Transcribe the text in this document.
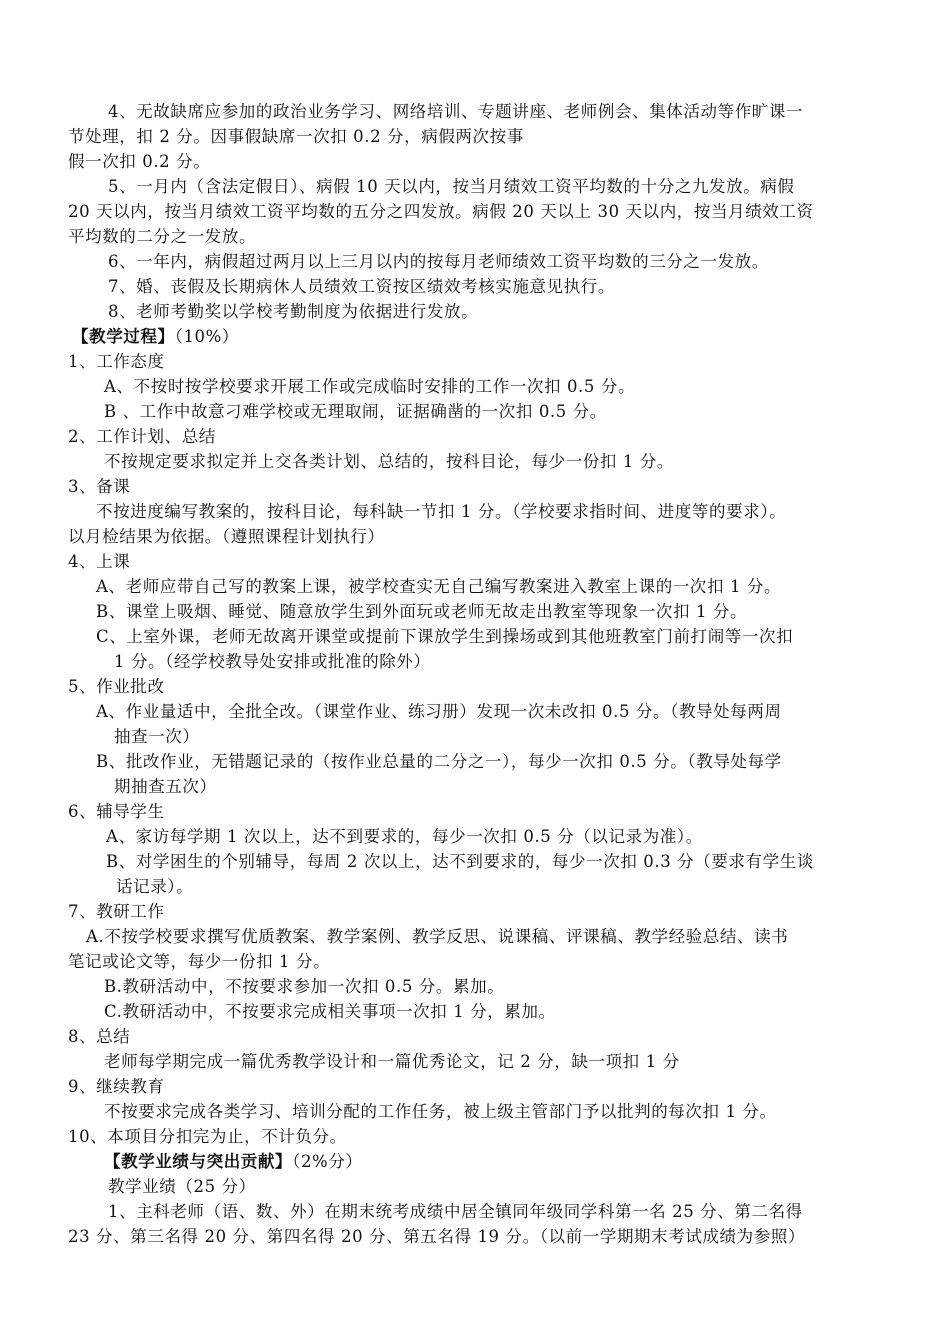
4、无故缺席应参加的政治业务学习、网络培训、专题讲座、老师例会、集体活动等作旷课一
节处理，扣 2 分。因事假缺席一次扣 0.2 分，病假两次按事
假一次扣 0.2 分。
5、一月内（含法定假日）、病假 10 天以内，按当月绩效工资平均数的十分之九发放。病假
20 天以内，按当月绩效工资平均数的五分之四发放。病假 20 天以上 30 天以内，按当月绩效工资
平均数的二分之一发放。
6、一年内，病假超过两月以上三月以内的按每月老师绩效工资平均数的三分之一发放。
7、婚、丧假及长期病休人员绩效工资按区绩效考核实施意见执行。
8、老师考勤奖以学校考勤制度为依据进行发放。
【教学过程】（10%）
1、工作态度
A、不按时按学校要求开展工作或完成临时安排的工作一次扣 0.5 分。
B 、工作中故意刁难学校或无理取闹，证据确凿的一次扣 0.5 分。
2、工作计划、总结
不按规定要求拟定并上交各类计划、总结的，按科目论，每少一份扣 1 分。
3、备课
不按进度编写教案的，按科目论，每科缺一节扣 1 分。（学校要求指时间、进度等的要求）。
以月检结果为依据。（遵照课程计划执行）
4、上课
A、老师应带自己写的教案上课，被学校查实无自己编写教案进入教室上课的一次扣 1 分。
B、课堂上吸烟、睡觉、随意放学生到外面玩或老师无故走出教室等现象一次扣 1 分。
C、上室外课，老师无故离开课堂或提前下课放学生到操场或到其他班教室门前打闹等一次扣
1 分。（经学校教导处安排或批准的除外）
5、作业批改
A、作业量适中，全批全改。（课堂作业、练习册）发现一次未改扣 0.5 分。（教导处每两周
抽查一次）
B、批改作业，无错题记录的（按作业总量的二分之一），每少一次扣 0.5 分。（教导处每学
期抽查五次）
6、辅导学生
A、家访每学期 1 次以上，达不到要求的，每少一次扣 0.5 分（以记录为准）。
B、对学困生的个别辅导，每周 2 次以上，达不到要求的，每少一次扣 0.3 分（要求有学生谈
话记录）。
7、教研工作
A.不按学校要求撰写优质教案、教学案例、教学反思、说课稿、评课稿、教学经验总结、读书
笔记或论文等，每少一份扣 1 分。
B.教研活动中，不按要求参加一次扣 0.5 分。累加。
C.教研活动中，不按要求完成相关事项一次扣 1 分，累加。
8、总结
老师每学期完成一篇优秀教学设计和一篇优秀论文，记 2 分，缺一项扣 1 分
9、继续教育
不按要求完成各类学习、培训分配的工作任务，被上级主管部门予以批判的每次扣 1 分。
10、本项目分扣完为止，不计负分。
【教学业绩与突出贡献】（2%分）
教学业绩（25 分）
1、主科老师（语、数、外）在期末统考成绩中居全镇同年级同学科第一名 25 分、第二名得
23 分、第三名得 20 分、第四名得 20 分、第五名得 19 分。（以前一学期期末考试成绩为参照）
